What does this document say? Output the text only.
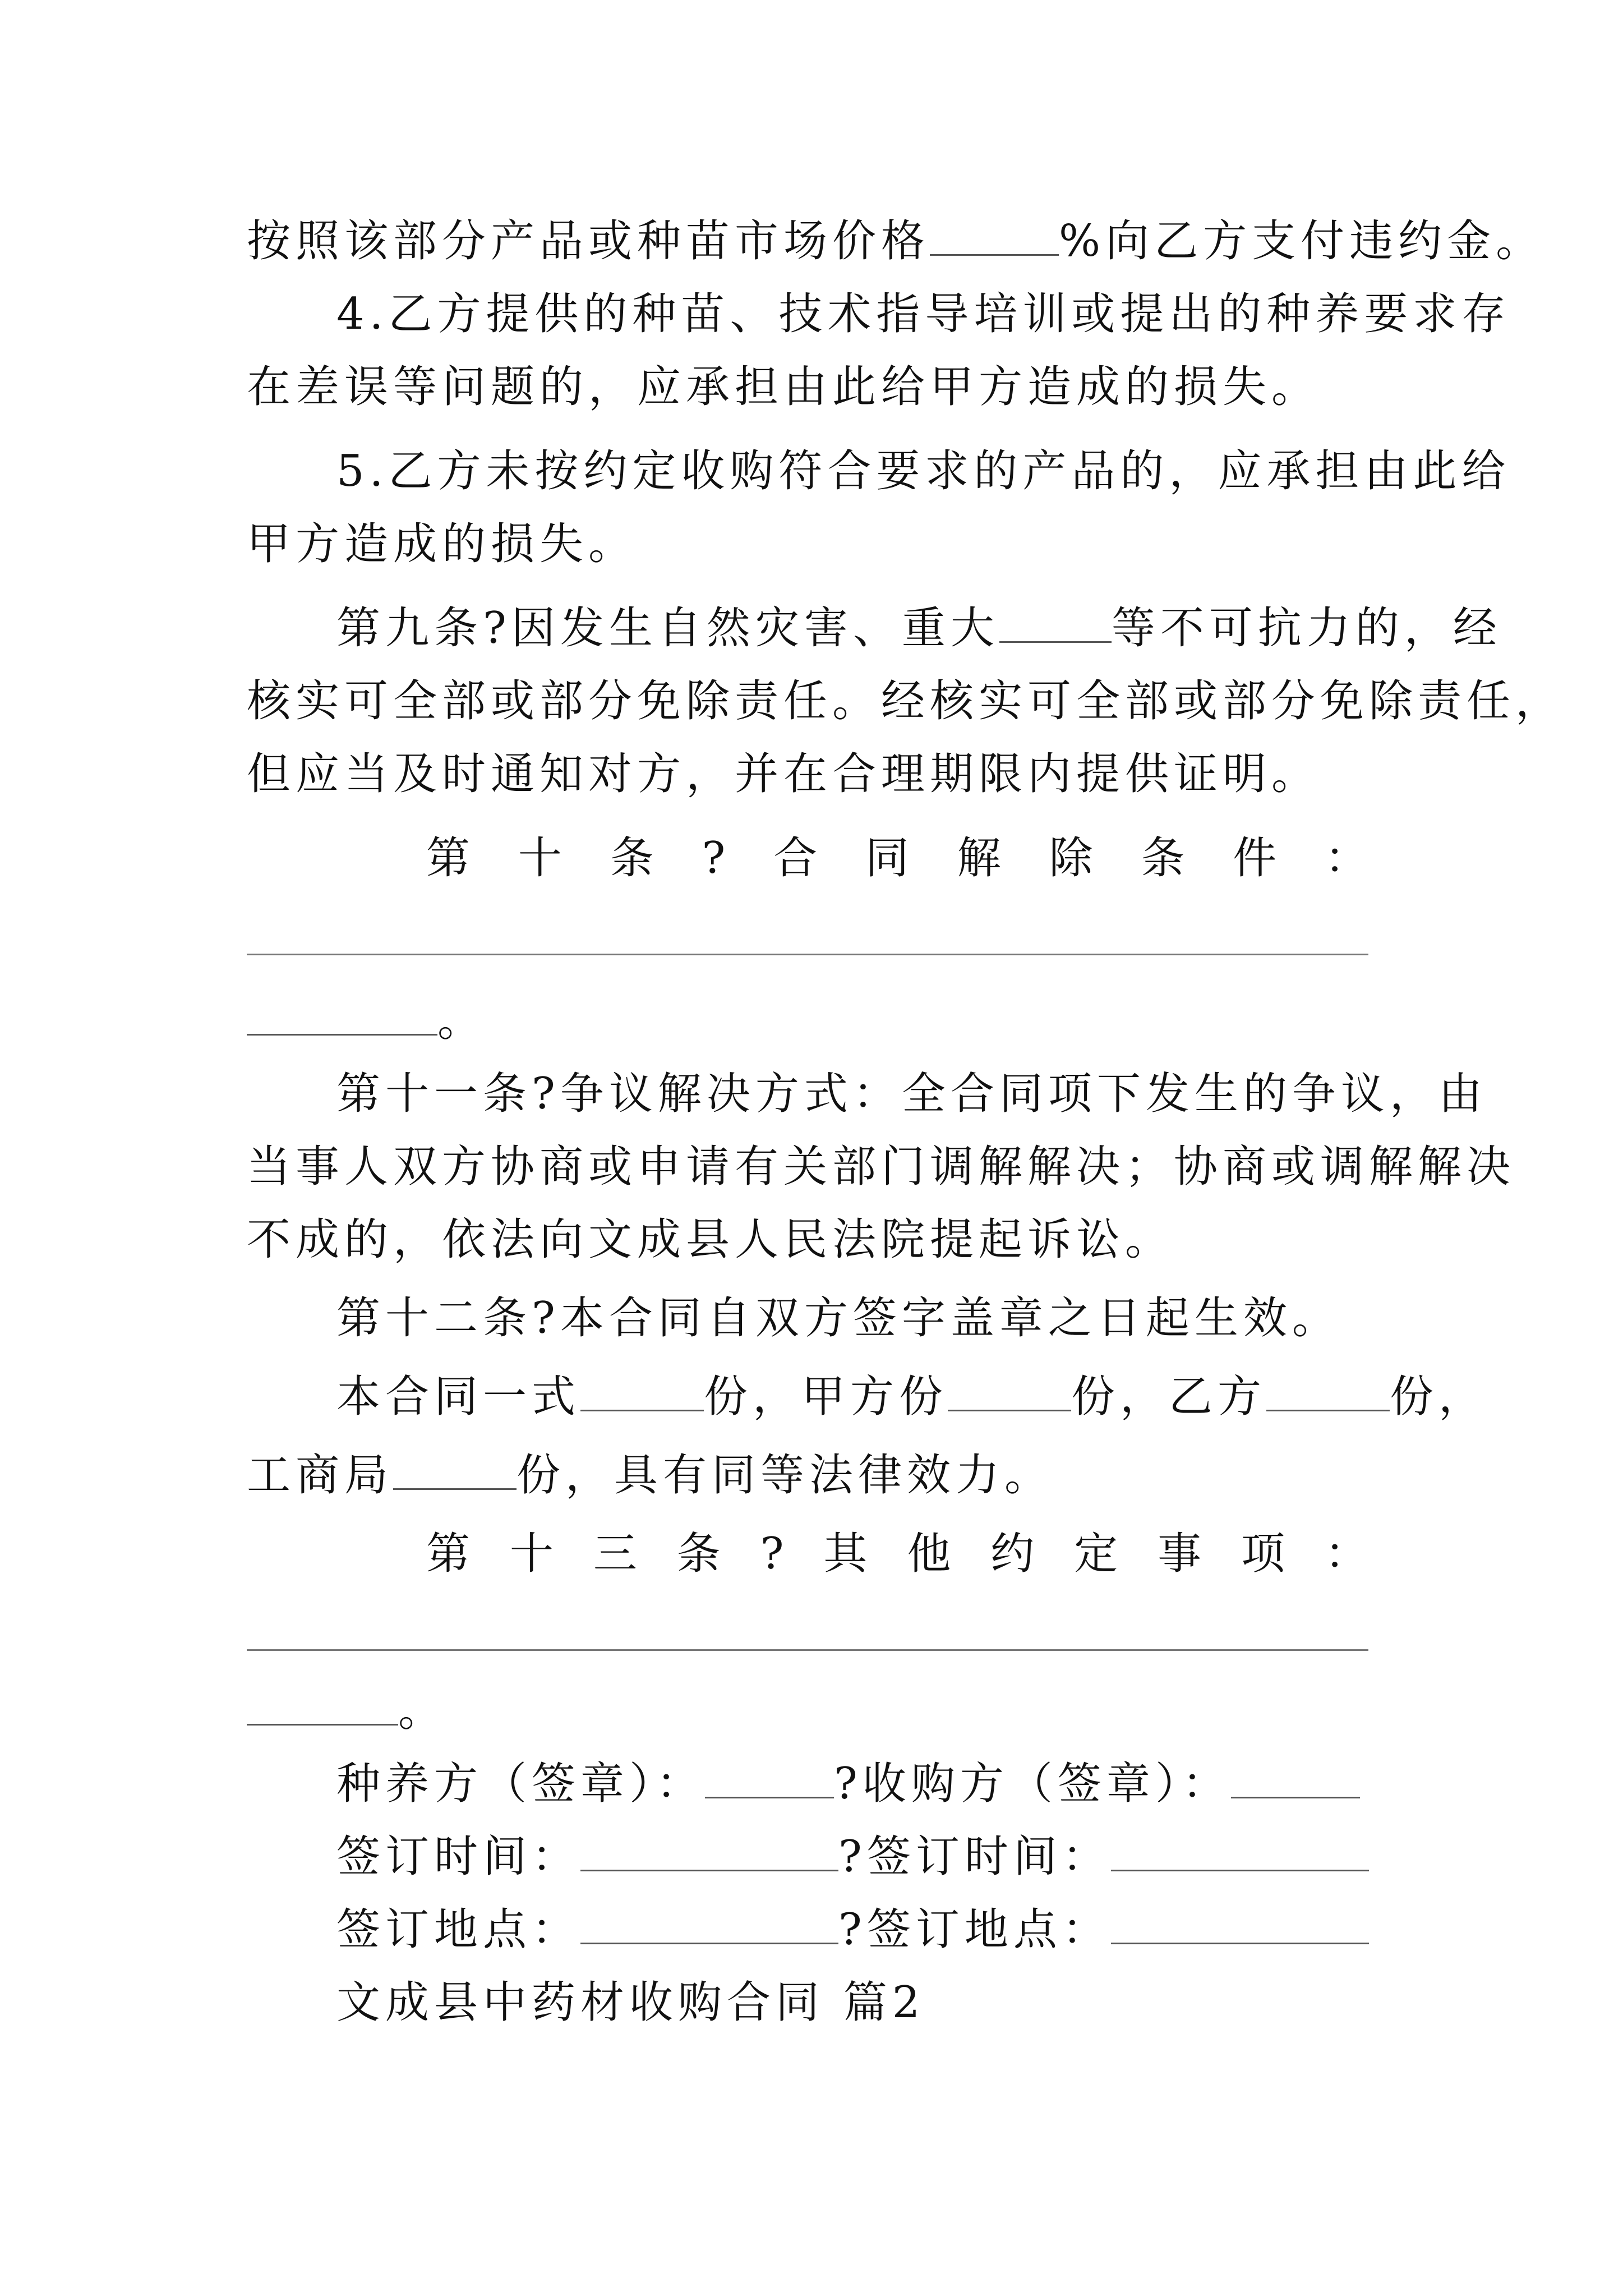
按照该部分产品或种苗市场价格	%向乙方支付违约金。
4.乙方提供的种苗、技术指导培训或提出的种养要求存
在差误等问题的，应承担由此给甲方造成的损失。
5.乙方未按约定收购符合要求的产品的，应承担由此给
甲方造成的损失。
第九条?因发生自然灾害、重大	等不可抗力的，经
核实可全部或部分免除责任。经核实可全部或部分免除责任，
但应当及时通知对方，并在合理期限内提供证明。
第 十 条 ? 合 同 解 除 条 件 ：
。
第十一条?争议解决方式：全合同项下发生的争议，由
当事人双方协商或申请有关部门调解解决；协商或调解解决
不成的，依法向文成县人民法院提起诉讼。
第十二条?本合同自双方签字盖章之日起生效。
本合同一式	份，甲方份	份，乙方	份，
工商局	份，具有同等法律效力。
第 十 三 条 ? 其 他 约 定 事 项 ：
。
种养方（签章）：	?收购方（签章）：
签订时间：	?签订时间：
签订地点：	?签订地点：
文成县中药材收购合同 篇2
